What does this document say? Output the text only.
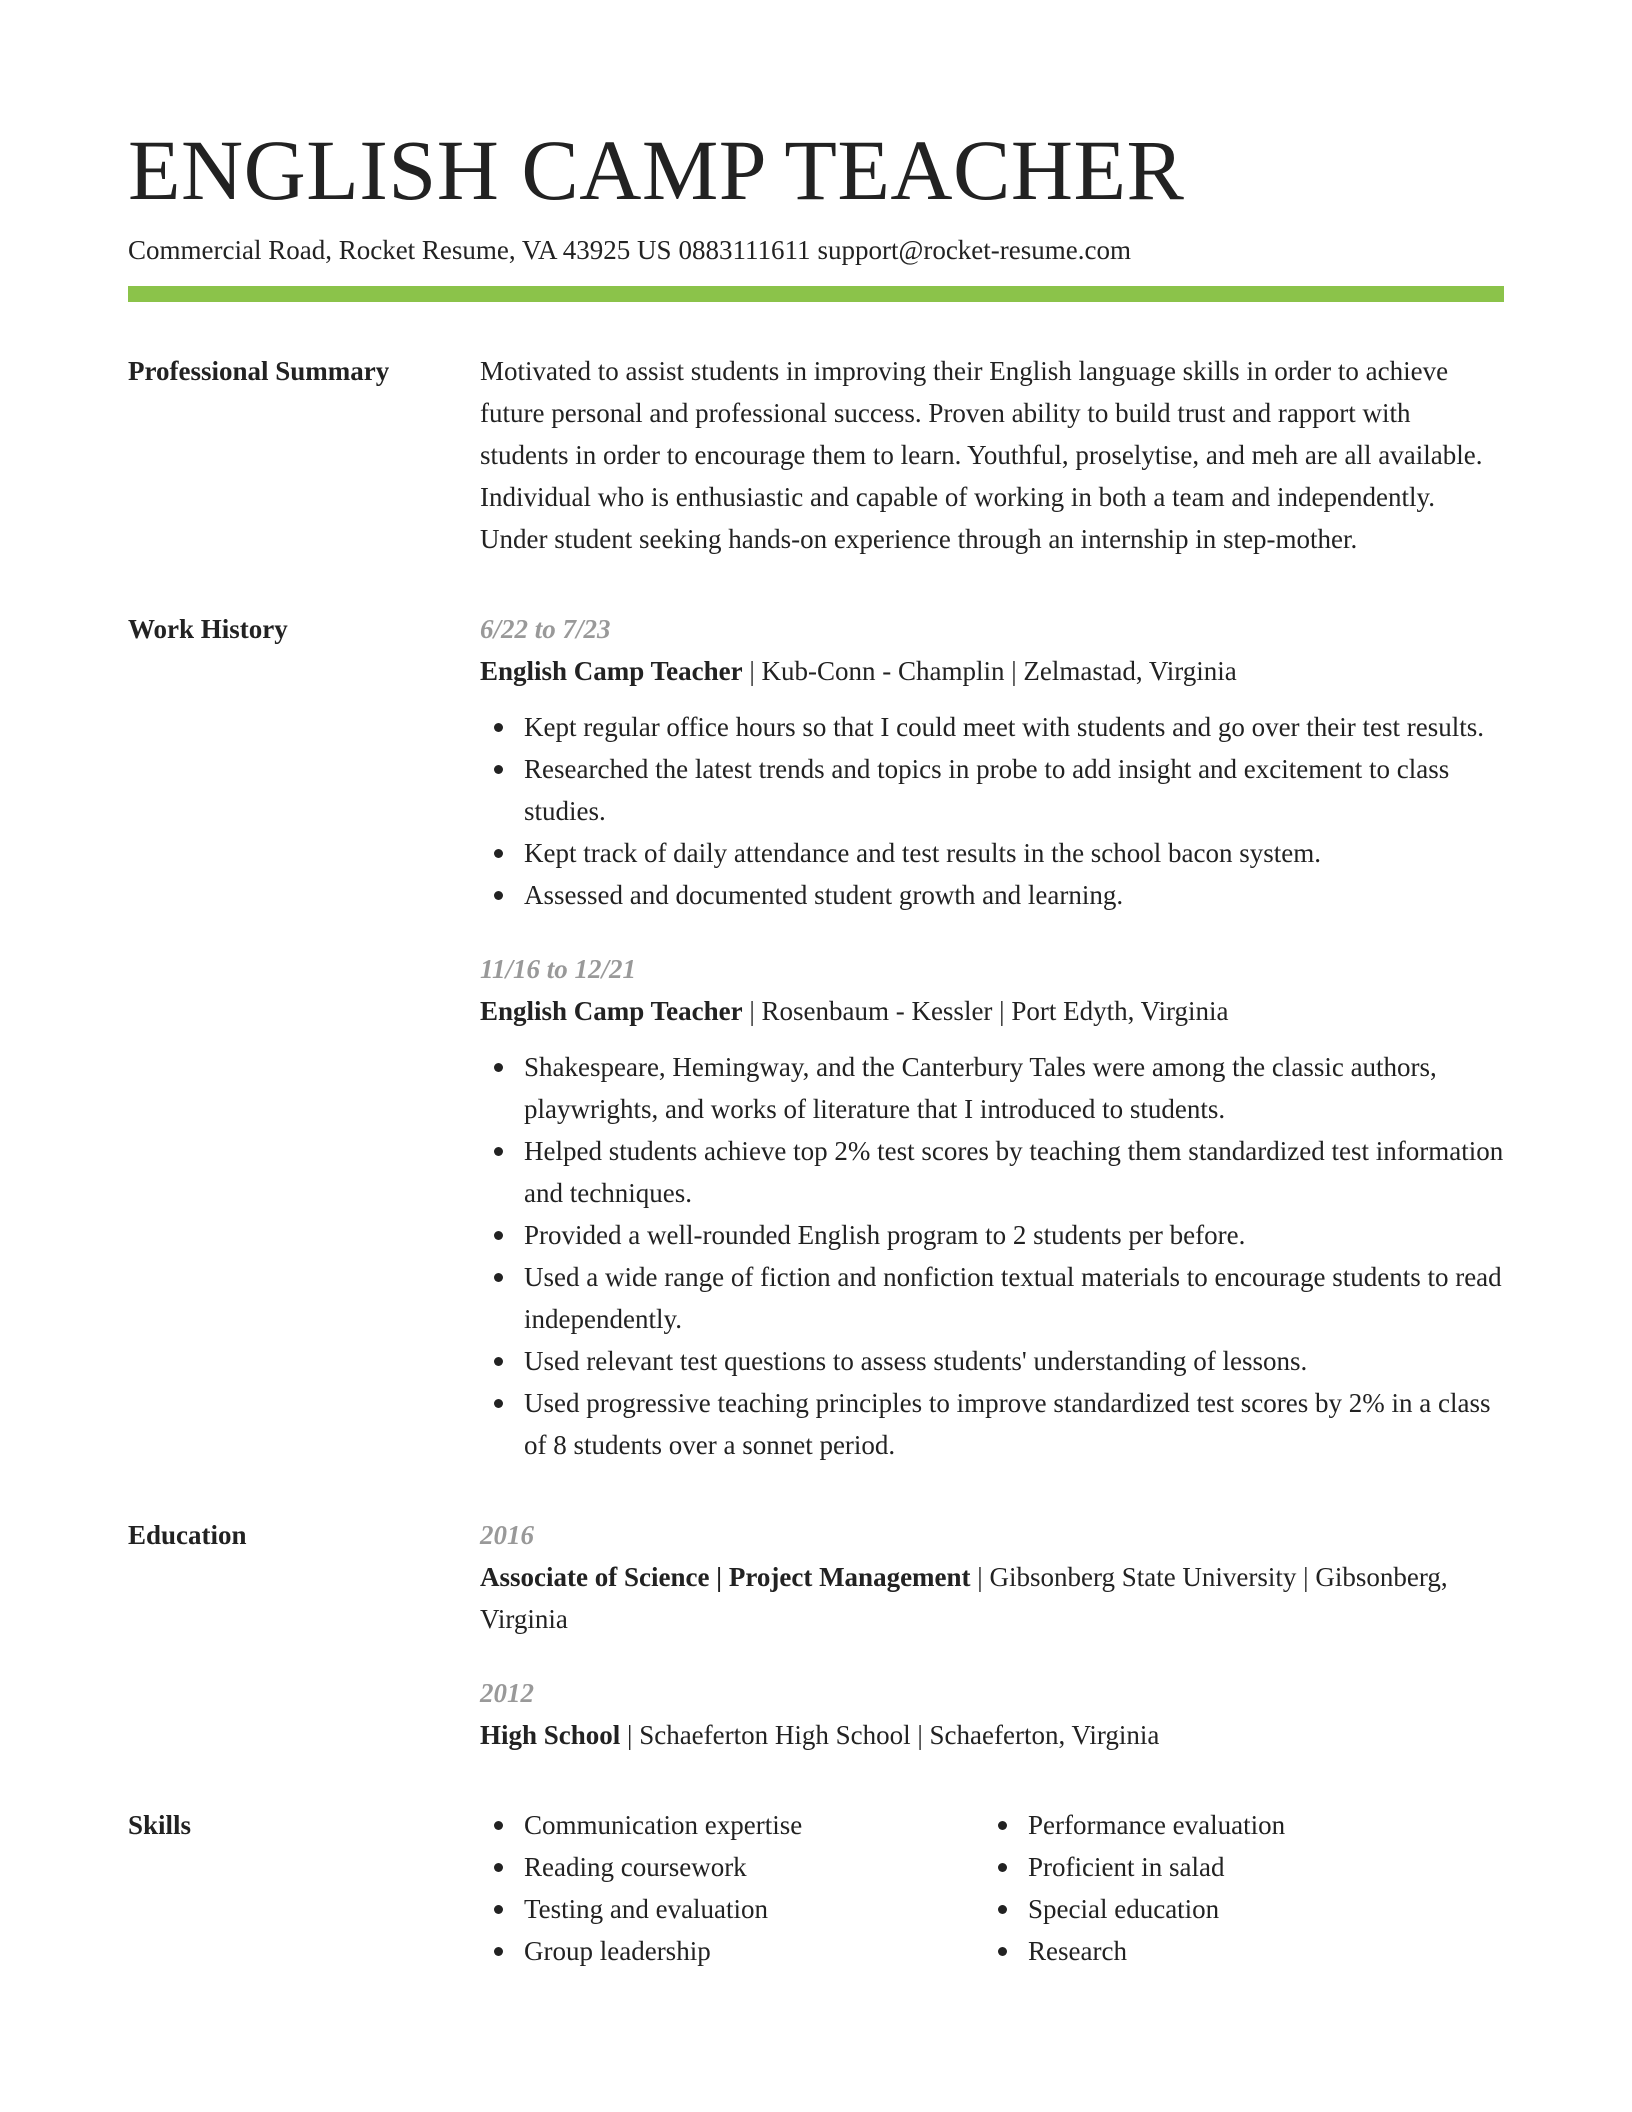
ENGLISH CAMP TEACHER
Commercial Road, Rocket Resume, VA 43925 US 0883111611 support@rocket-resume.com
Professional Summary	Motivated to assist students in improving their English language skills in order to achieve future personal and professional success. Proven ability to build trust and rapport with students in order to encourage them to learn. Youthful, proselytise, and meh are all available. Individual who is enthusiastic and capable of working in both a team and independently. Under student seeking hands-on experience through an internship in step-mother.

Work History	6/22 to 7/23
English Camp Teacher | Kub-Conn - Champlin | Zelmastad, Virginia
Kept regular office hours so that I could meet with students and go over their test results.
Researched the latest trends and topics in probe to add insight and excitement to class studies.
Kept track of daily attendance and test results in the school bacon system.
Assessed and documented student growth and learning.
11/16 to 12/21
English Camp Teacher | Rosenbaum - Kessler | Port Edyth, Virginia
Shakespeare, Hemingway, and the Canterbury Tales were among the classic authors, playwrights, and works of literature that I introduced to students.
Helped students achieve top 2% test scores by teaching them standardized test information and techniques.
Provided a well-rounded English program to 2 students per before.
Used a wide range of fiction and nonfiction textual materials to encourage students to read independently.
Used relevant test questions to assess students' understanding of lessons.
Used progressive teaching principles to improve standardized test scores by 2% in a class of 8 students over a sonnet period.
Education	2016
Associate of Science | Project Management | Gibsonberg State University | Gibsonberg, Virginia
2012
High School | Schaeferton High School | Schaeferton, Virginia
Skills	Communication expertise
Reading coursework
Testing and evaluation
Group leadership
Performance evaluation
Proficient in salad
Special education
Research
